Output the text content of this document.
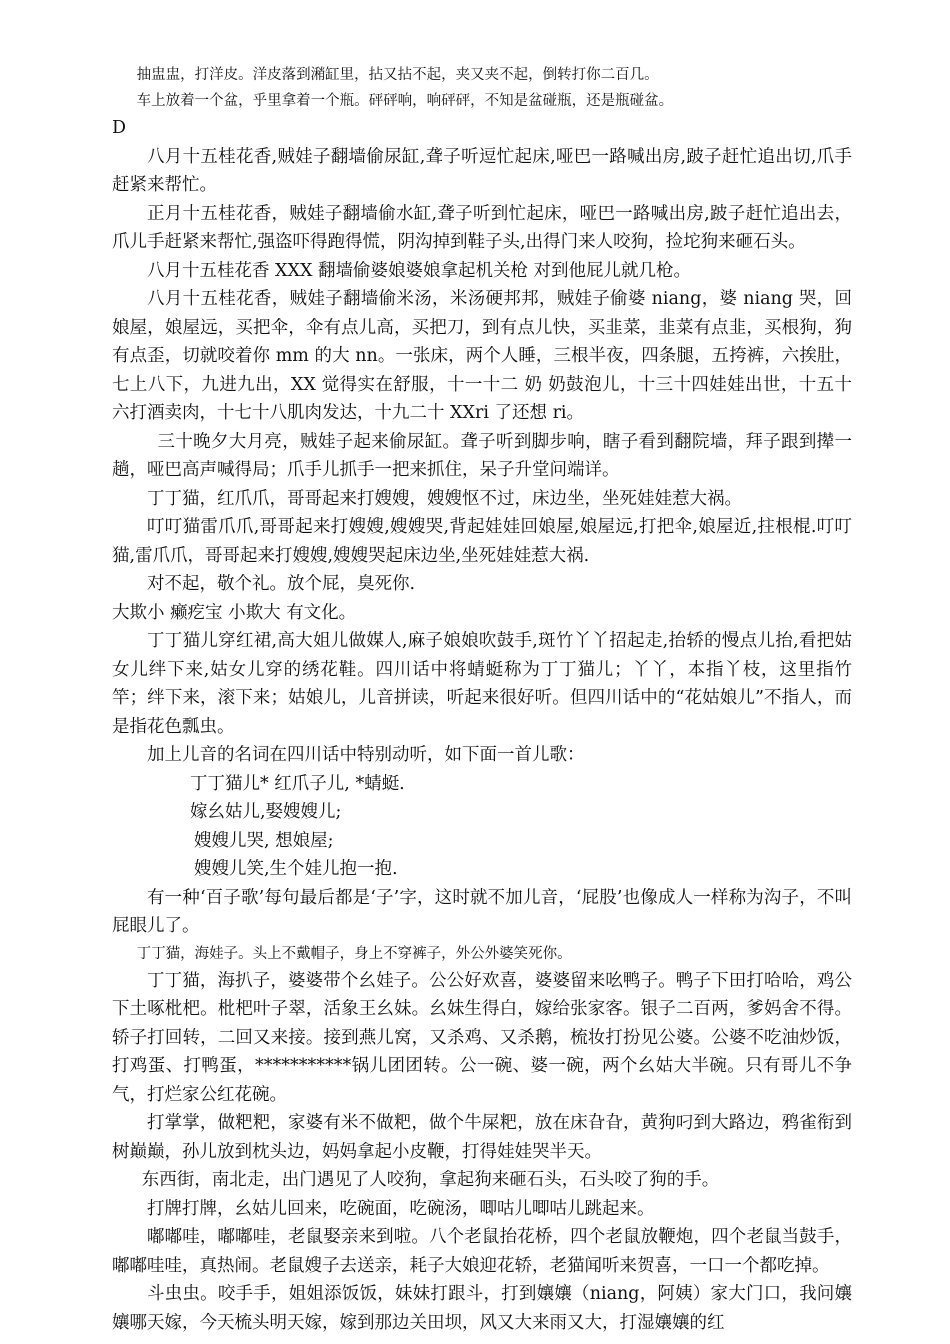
抽盅盅，打洋皮。洋皮落到潲缸里，拈又拈不起，夹又夹不起，倒转打你二百几。

车上放着一个盆，乎里拿着一个瓶。砰砰响，响砰砰，不知是盆碰瓶，还是瓶碰盆。

D

八月十五桂花香,贼娃子翻墙偷尿缸,聋子听逗忙起床,哑巴一路喊出房,跛子赶忙追出切,爪手赶紧来帮忙。

正月十五桂花香，贼娃子翻墙偷水缸,聋子听到忙起床，哑巴一路喊出房,跛子赶忙追出去，爪儿手赶紧来帮忙,强盗吓得跑得慌，阴沟掉到鞋子头,出得门来人咬狗，捡坨狗来砸石头。

八月十五桂花香 XXX 翻墙偷婆娘婆娘拿起机关枪 对到他屁儿就几枪。

八月十五桂花香，贼娃子翻墙偷米汤，米汤硬邦邦，贼娃子偷婆 niang，婆 niang 哭，回娘屋，娘屋远，买把伞，伞有点儿高，买把刀，到有点儿快，买韭菜，韭菜有点韭，买根狗，狗有点歪，切就咬着你 mm 的大 nn。一张床，两个人睡，三根半夜，四条腿，五挎裤，六挨肚，七上八下，九进九出，XX 觉得实在舒服，十一十二 奶 奶鼓泡儿，十三十四娃娃出世，十五十六打酒卖肉，十七十八肌肉发达，十九二十 XXri 了还想 ri。

三十晚夕大月亮，贼娃子起来偷尿缸。聋子听到脚步响，瞎子看到翻院墙，拜子跟到撵一趟，哑巴高声喊得局；爪手儿抓手一把来抓住，呆子升堂问端详。

丁丁猫，红爪爪，哥哥起来打嫂嫂，嫂嫂怄不过，床边坐，坐死娃娃惹大祸。

叮叮猫雷爪爪,哥哥起来打嫂嫂,嫂嫂哭,背起娃娃回娘屋,娘屋远,打把伞,娘屋近,拄根棍.叮叮猫,雷爪爪，哥哥起来打嫂嫂,嫂嫂哭起床边坐,坐死娃娃惹大祸.

对不起，敬个礼。放个屁，臭死你.

大欺小 癞疙宝 小欺大 有文化。

丁丁猫儿穿红裙,高大姐儿做媒人,麻子娘娘吹鼓手,斑竹丫丫招起走,抬轿的慢点儿抬,看把姑女儿绊下来,姑女儿穿的绣花鞋。四川话中将蜻蜓称为丁丁猫儿；丫丫，本指丫枝，这里指竹竿；绊下来，滚下来；姑娘儿，儿音拼读，听起来很好听。但四川话中的“花姑娘儿”不指人，而是指花色瓢虫。

加上儿音的名词在四川话中特别动听，如下面一首儿歌：

丁丁猫儿* 红爪子儿, *蜻蜓.

嫁幺姑儿,娶嫂嫂儿;

嫂嫂儿哭, 想娘屋;

嫂嫂儿笑,生个娃儿抱一抱.

有一种‘百子歌’每句最后都是‘子’字，这时就不加儿音，‘屁股’也像成人一样称为沟子，不叫屁眼儿了。

丁丁猫，海娃子。头上不戴帽子，身上不穿裤子，外公外婆笑死你。

丁丁猫，海扒子，婆婆带个幺娃子。公公好欢喜，婆婆留来吆鸭子。鸭子下田打哈哈，鸡公下土啄枇杷。枇杷叶子翠，活象王幺妹。幺妹生得白，嫁给张家客。银子二百两，爹妈舍不得。轿子打回转，二回又来接。接到燕儿窝，又杀鸡、又杀鹅，梳妆打扮见公婆。公婆不吃油炒饭，打鸡蛋、打鸭蛋，***********锅儿团团转。公一碗、婆一碗，两个幺姑大半碗。只有哥儿不争气，打烂家公红花碗。

打掌掌，做粑粑，家婆有米不做粑，做个牛屎粑，放在床旮旮，黄狗叼到大路边，鸦雀衔到树巅巅，孙儿放到枕头边，妈妈拿起小皮鞭，打得娃娃哭半天。

东西街，南北走，出门遇见了人咬狗，拿起狗来砸石头，石头咬了狗的手。

打牌打牌，幺姑儿回来，吃碗面，吃碗汤，唧咕儿唧咕儿跳起来。

嘟嘟哇，嘟嘟哇，老鼠娶亲来到啦。八个老鼠抬花桥，四个老鼠放鞭炮，四个老鼠当鼓手，嘟嘟哇哇，真热闹。老鼠嫂子去送亲，耗子大娘迎花轿，老猫闻听来贺喜，一口一个都吃掉。

斗虫虫。咬手手，姐姐添饭饭，妹妹打跟斗，打到孃孃（niang，阿姨）家大门口，我问孃孃哪天嫁，今天梳头明天嫁，嫁到那边关田坝，风又大来雨又大，打湿孃孃的红
